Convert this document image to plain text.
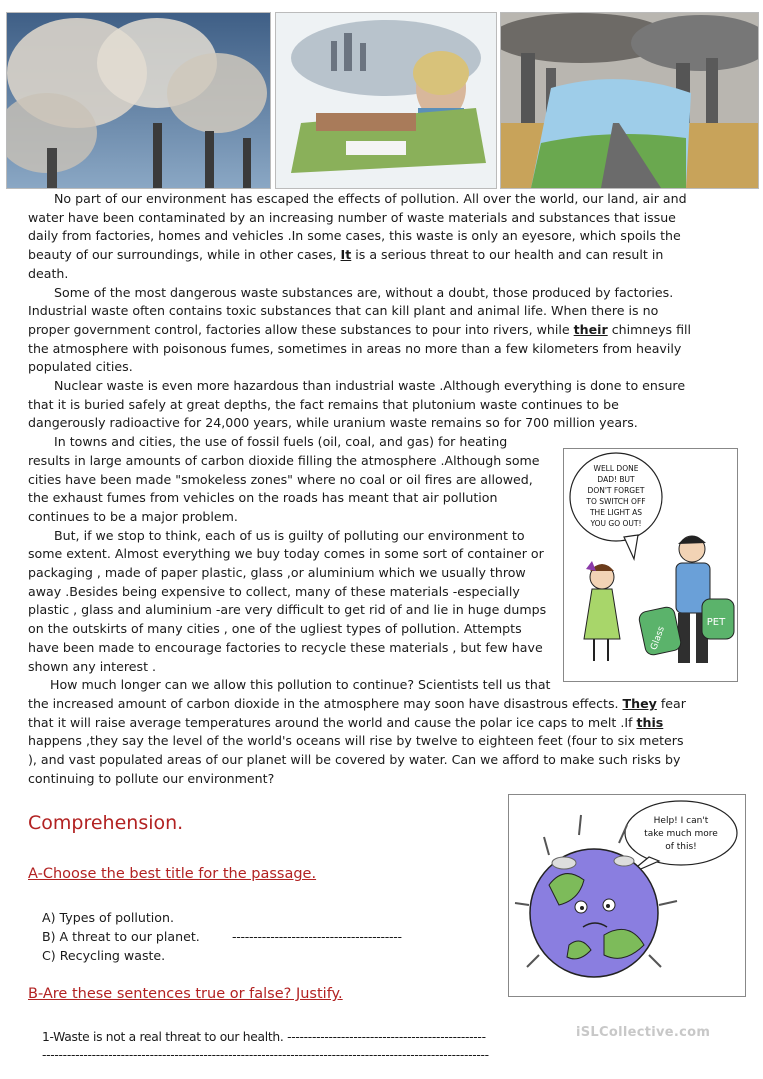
No part of our environment has escaped the effects of pollution. All over the world, our land, air and water have been contaminated by an increasing number of waste materials and substances that issue daily from factories, homes and vehicles .In some cases, this waste is only an eyesore, which spoils the beauty of our surroundings, while in other cases, It is a serious threat to our health and can result in death.

Some of the most dangerous waste substances are, without a doubt, those produced by factories. Industrial waste often contains toxic substances that can kill plant and animal life. When there is no proper government control, factories allow these substances to pour into rivers, while their chimneys fill the atmosphere with poisonous fumes, sometimes in areas no more than a few kilometers from heavily populated cities.

Nuclear waste is even more hazardous than industrial waste .Although everything is done to ensure that it is buried safely at great depths, the fact remains that plutonium waste continues to be dangerously radioactive for 24,000 years, while uranium waste remains so for 700 million years.

In towns and cities, the use of fossil fuels (oil, coal, and gas) for heating results in large amounts of carbon dioxide filling the atmosphere .Although some cities have been made "smokeless zones" where no coal or oil fires are allowed, the exhaust fumes from vehicles on the roads has meant that air pollution continues to be a major problem.

But, if we stop to think, each of us is guilty of polluting our environment to some extent. Almost everything we buy today comes in some sort of container or packaging , made of paper plastic, glass ,or aluminium which we usually throw away .Besides being expensive to collect, many of these materials -especially plastic , glass and aluminium -are very difficult to get rid of and lie in huge dumps on the outskirts of many cities , one of the ugliest types of pollution. Attempts have been made to encourage factories to recycle these materials , but few have shown any interest .

How much longer can we allow this pollution to continue? Scientists tell us that
the increased amount of carbon dioxide in the atmosphere may soon have disastrous effects. They fear that it will raise average temperatures around the world and cause the polar ice caps to melt .If this happens ,they say the level of the world's oceans will rise by twelve to eighteen feet (four to six meters ), and vast populated areas of our planet will be covered by water. Can we afford to make such risks by continuing to pollute our environment?

WELL DONE
DAD! BUT
DON'T FORGET
TO SWITCH OFF
THE LIGHT AS
YOU GO OUT!
PET
Glass
Help! I can't
take much more
of this!
Comprehension.
A-Choose the best title for the passage.
A) Types of pollution.
B) A threat to our planet.	----------------------------------------
C) Recycling waste.
B-Are these sentences true or false? Justify.
1-Waste is not a real threat to our health. ------------------------------------------------
------------------------------------------------------------------------------------------------------------
iSLCollective.com
